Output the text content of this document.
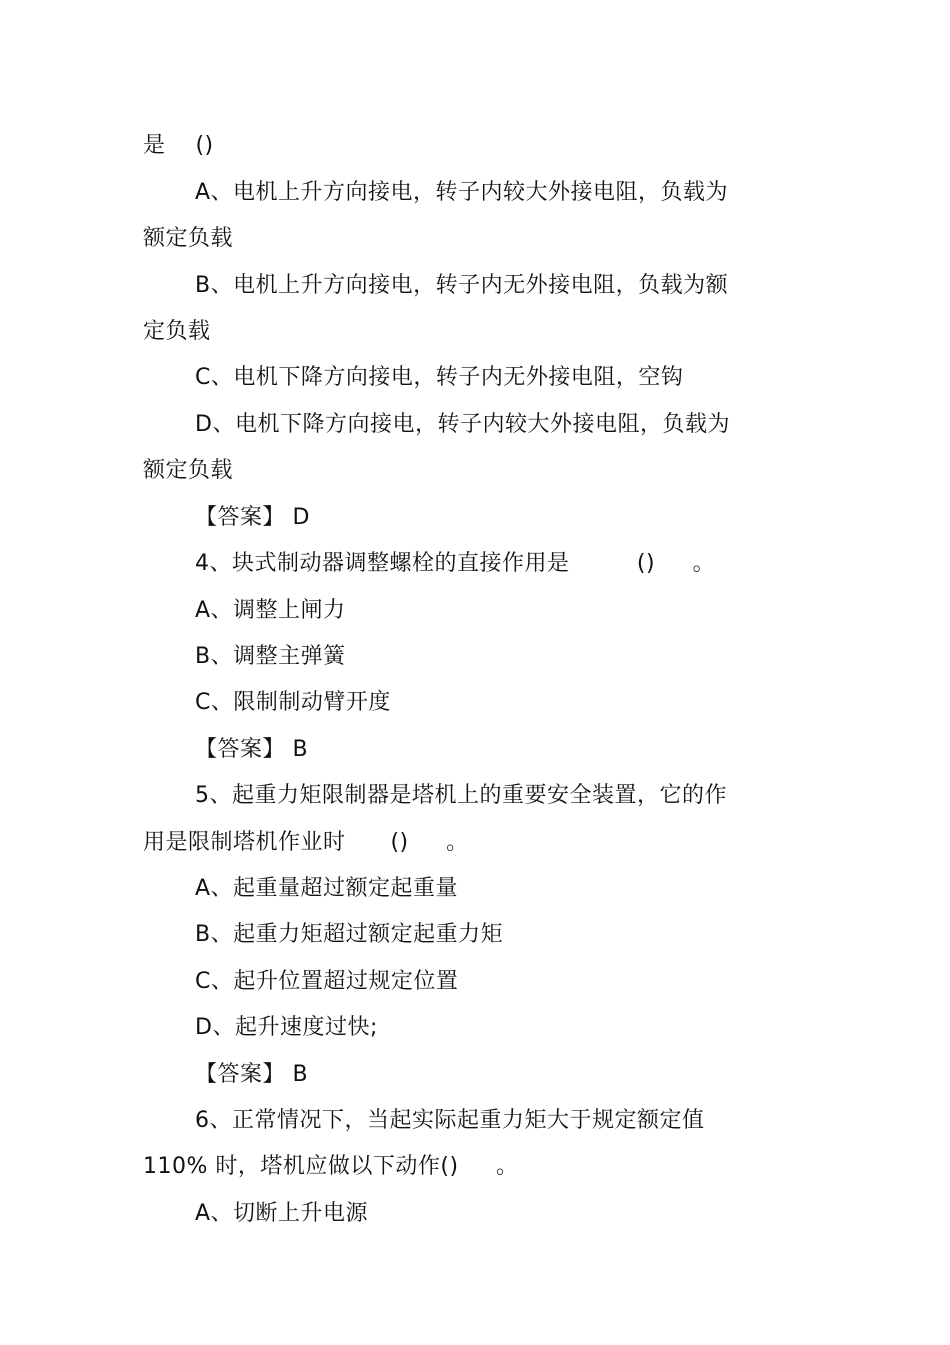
是    ()
A、电机上升方向接电，转子内较大外接电阻，负载为
额定负载
B、电机上升方向接电，转子内无外接电阻，负载为额
定负载
C、电机下降方向接电，转子内无外接电阻，空钩
D、电机下降方向接电，转子内较大外接电阻，负载为
额定负载
【答案】 D
4、块式制动器调整螺栓的直接作用是         ()     。
A、调整上闸力
B、调整主弹簧
C、限制制动臂开度
【答案】 B
5、起重力矩限制器是塔机上的重要安全装置，它的作
用是限制塔机作业时      ()     。
A、起重量超过额定起重量
B、起重力矩超过额定起重力矩
C、起升位置超过规定位置
D、起升速度过快;
【答案】 B
6、正常情况下，当起实际起重力矩大于规定额定值
110% 时，塔机应做以下动作()     。
A、切断上升电源
